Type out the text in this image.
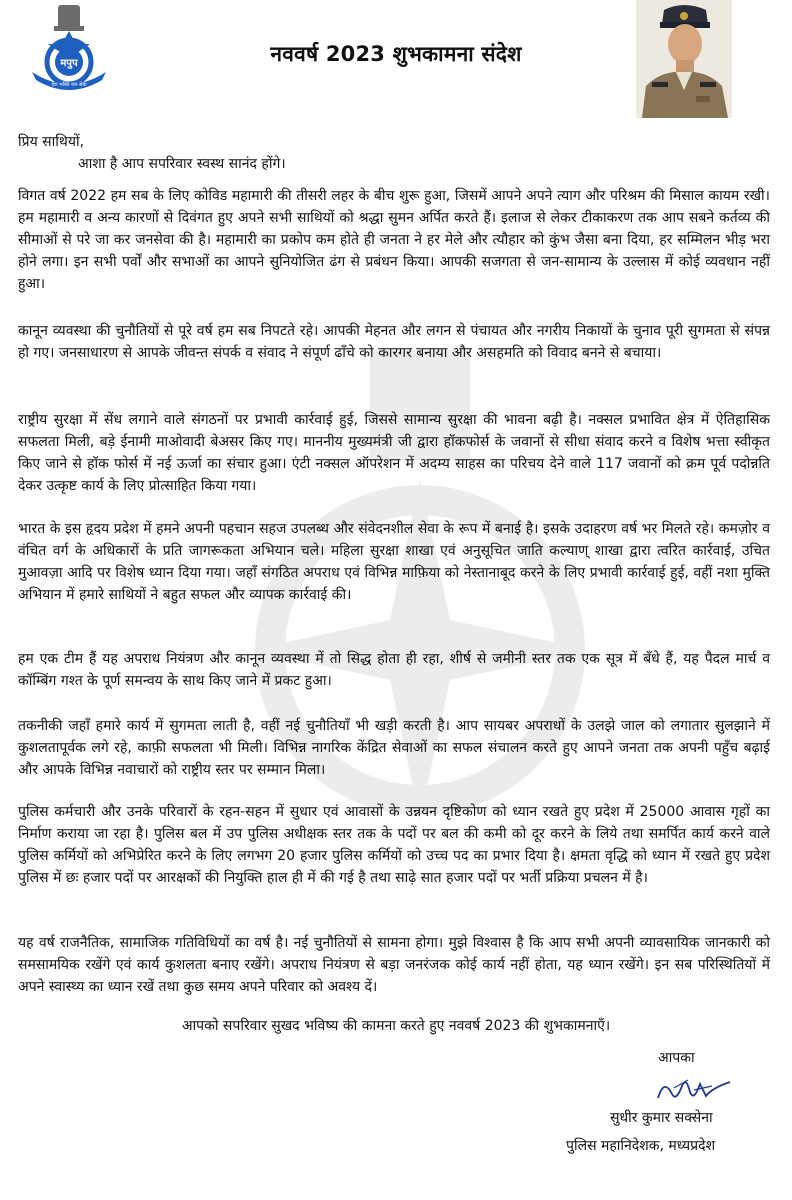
मपुप
देश भक्ति जन सेवा
नववर्ष 2023 शुभकामना संदेश
प्रिय साथियों,
आशा है आप सपरिवार स्वस्थ सानंद होंगे।

विगत वर्ष 2022 हम सब के लिए कोविड महामारी की तीसरी लहर के बीच शुरू हुआ, जिसमें आपने अपने त्याग और परिश्रम की मिसाल कायम रखी। हम महामारी व अन्य कारणों से दिवंगत हुए अपने सभी साथियों को श्रद्धा सुमन अर्पित करते हैं। इलाज से लेकर टीकाकरण तक आप सबने कर्तव्य की सीमाओं से परे जा कर जनसेवा की है। महामारी का प्रकोप कम होते ही जनता ने हर मेले और त्यौहार को कुंभ जैसा बना दिया, हर सम्मिलन भीड़ भरा होने लगा। इन सभी पर्वों और सभाओं का आपने सुनियोजित ढंग से प्रबंधन किया। आपकी सजगता से जन-सामान्य के उल्लास में कोई व्यवधान नहीं हुआ।

कानून व्यवस्था की चुनौतियों से पूरे वर्ष हम सब निपटते रहे। आपकी मेहनत और लगन से पंचायत और नगरीय निकायों के चुनाव पूरी सुगमता से संपन्न हो गए। जनसाधारण से आपके जीवन्त संपर्क व संवाद ने संपूर्ण ढाँचे को कारगर बनाया और असहमति को विवाद बनने से बचाया।

राष्ट्रीय सुरक्षा में सेंध लगाने वाले संगठनों पर प्रभावी कार्रवाई हुई, जिससे सामान्य सुरक्षा की भावना बढ़ी है। नक्सल प्रभावित क्षेत्र में ऐतिहासिक सफलता मिली, बड़े ईनामी माओवादी बेअसर किए गए। माननीय मुख्यमंत्री जी द्वारा हॉकफोर्स के जवानों से सीधा संवाद करने व विशेष भत्ता स्वीकृत किए जाने से हॉक फोर्स में नई ऊर्जा का संचार हुआ। एंटी नक्सल ऑपरेशन में अदम्य साहस का परिचय देने वाले 117 जवानों को क्रम पूर्व पदोन्नति देकर उत्कृष्ट कार्य के लिए प्रोत्साहित किया गया।

भारत के इस हृदय प्रदेश में हमने अपनी पहचान सहज उपलब्ध और संवेदनशील सेवा के रूप में बनाई है। इसके उदाहरण वर्ष भर मिलते रहे। कमज़ोर व वंचित वर्ग के अधिकारों के प्रति जागरूकता अभियान चले। महिला सुरक्षा शाखा एवं अनुसूचित जाति कल्याण् शाखा द्वारा त्वरित कार्रवाई, उचित मुआवज़ा आदि पर विशेष ध्यान दिया गया। जहाँ संगठित अपराध एवं विभिन्न माफ़िया को नेस्तानाबूद करने के लिए प्रभावी कार्रवाई हुई, वहीं नशा मुक्ति अभियान में हमारे साथियों ने बहुत सफल और व्यापक कार्रवाई की।

हम एक टीम हैं यह अपराध नियंत्रण और कानून व्यवस्था में तो सिद्ध होता ही रहा, शीर्ष से जमीनी स्तर तक एक सूत्र में बँधे हैं, यह पैदल मार्च व कॉम्बिंग गश्त के पूर्ण समन्वय के साथ किए जाने में प्रकट हुआ।

तकनीकी जहाँ हमारे कार्य में सुगमता लाती है, वहीं नई चुनौतियाँ भी खड़ी करती है। आप सायबर अपराधों के उलझे जाल को लगातार सुलझाने में कुशलतापूर्वक लगे रहे, काफ़ी सफलता भी मिली। विभिन्न नागरिक केंद्रित सेवाओं का सफल संचालन करते हुए आपने जनता तक अपनी पहुँच बढ़ाई और आपके विभिन्न नवाचारों को राष्ट्रीय स्तर पर सम्मान मिला।

पुलिस कर्मचारी और उनके परिवारों के रहन-सहन में सुधार एवं आवासों के उन्नयन दृष्टिकोण को ध्यान रखते हुए प्रदेश में 25000 आवास गृहों का निर्माण कराया जा रहा है। पुलिस बल में उप पुलिस अधीक्षक स्तर तक के पदों पर बल की कमी को दूर करने के लिये तथा समर्पित कार्य करने वाले पुलिस कर्मियों को अभिप्रेरित करने के लिए लगभग 20 हजार पुलिस कर्मियों को उच्च पद का प्रभार दिया है। क्षमता वृद्धि को ध्यान में रखते हुए प्रदेश पुलिस में छः हजार पदों पर आरक्षकों की नियुक्ति हाल ही में की गई है तथा साढ़े सात हजार पदों पर भर्ती प्रक्रिया प्रचलन में है।

यह वर्ष राजनैतिक, सामाजिक गतिविधियों का वर्ष है। नई चुनौतियों से सामना होगा। मुझे विश्वास है कि आप सभी अपनी व्यावसायिक जानकारी को समसामयिक रखेंगे एवं कार्य कुशलता बनाए रखेंगे। अपराध नियंत्रण से बड़ा जनरंजक कोई कार्य नहीं होता, यह ध्यान रखेंगे। इन सब परिस्थितियों में अपने स्वास्थ्य का ध्यान रखें तथा कुछ समय अपने परिवार को अवश्य दें।

आपको सपरिवार सुखद भविष्य की कामना करते हुए नववर्ष 2023 की शुभकामनाएँ।
आपका
सुधीर कुमार सक्सेना
पुलिस महानिदेशक, मध्यप्रदेश
